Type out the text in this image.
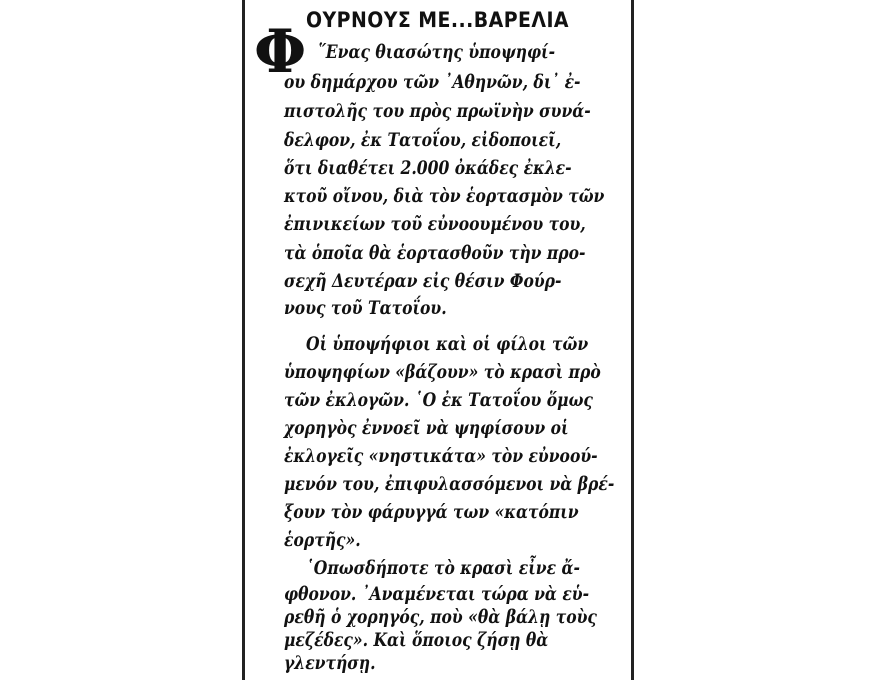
Φ ΟΥΡΝΟΥΣ ΜΕ...ΒΑΡΕΛΙΑ
῞Ενας θιασώτης ὑποψηφί-
ου δημάρχου τῶν ᾽Αθηνῶν, δι᾽ ἐ-
πιστολῆς του πρὸς πρωϊνὴν συνά-
δελφον, ἐκ Τατοΐου, εἰδοποιεῖ,
ὅτι διαθέτει 2.000 ὀκάδες ἐκλε-
κτοῦ οἴνου, διὰ τὸν ἑορτασμὸν τῶν
ἐπινικείων τοῦ εὐνοουμένου του,
τὰ ὁποῖα θὰ ἑορτασθοῦν τὴν προ-
σεχῆ Δευτέραν εἰς θέσιν Φούρ-
νους τοῦ Τατοΐου.
Οἱ ὑποψήφιοι καὶ οἱ φίλοι τῶν
ὑποψηφίων «βάζουν» τὸ κρασὶ πρὸ
τῶν ἐκλογῶν. ῾Ο ἐκ Τατοΐου ὅμως
χορηγὸς ἐννοεῖ νὰ ψηφίσουν οἱ
ἐκλογεῖς «νηστικάτα» τὸν εὐνοού-
μενόν του, ἐπιφυλασσόμενοι νὰ βρέ-
ξουν τὸν φάρυγγά των «κατόπιν
ἑορτῆς».
῾Οπωσδήποτε τὸ κρασὶ εἶνε ἄ-
φθονον. ᾽Αναμένεται τώρα νὰ εὑ-
ρεθῆ ὁ χορηγός, ποὺ «θὰ βάλῃ τοὺς
μεζέδες». Καὶ ὅποιος ζήσῃ θὰ
γλεντήσῃ.
